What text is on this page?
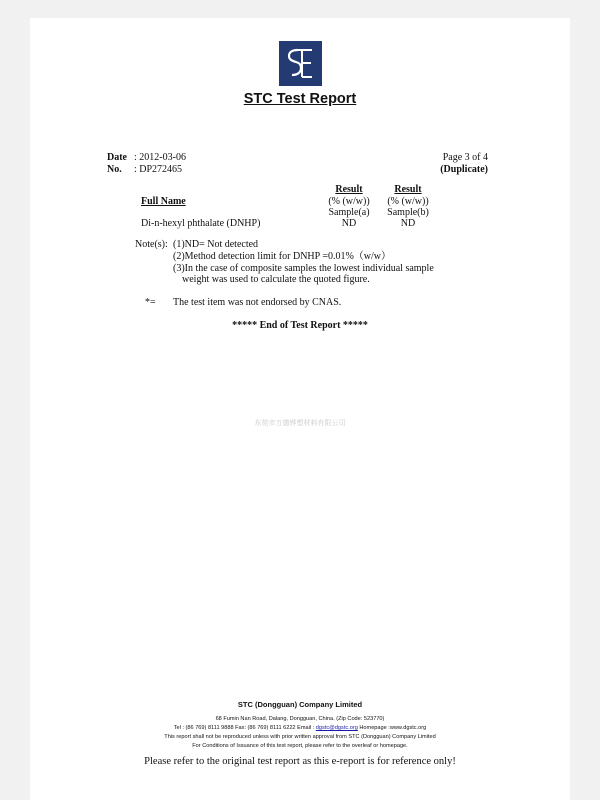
STC Test Report
Date : 2012-03-06
No. : DP272465
Page 3 of 4
(Duplicate)
Full Name
Result
(% (w/w))
Sample(a)
Result
(% (w/w))
Sample(b)
Di-n-hexyl phthalate (DNHP)	ND	ND
Note(s): (1)ND= Not detected
(2)Method detection limit for DNHP =0.01%（w/w）
(3)In the case of composite samples the lowest individual sample
weight was used to calculate the quoted figure.
*= The test item was not endorsed by CNAS.
***** End of Test Report *****
东莞市万德铧塑材料有限公司
STC (Dongguan) Company Limited
68 Fumin Nan Road, Dalang, Dongguan, China. (Zip Code: 523770)
Tel : (86 769) 8111 9888 Fax: (86 769) 8111 6222 Email : dgstc@dgstc.org Homepage :www.dgstc.org
This report shall not be reproduced unless with prior written approval from STC (Dongguan) Company Limited
For Conditions of Issuance of this test report, please refer to the overleaf or homepage.
Please refer to the original test report as this e-report is for reference only!
